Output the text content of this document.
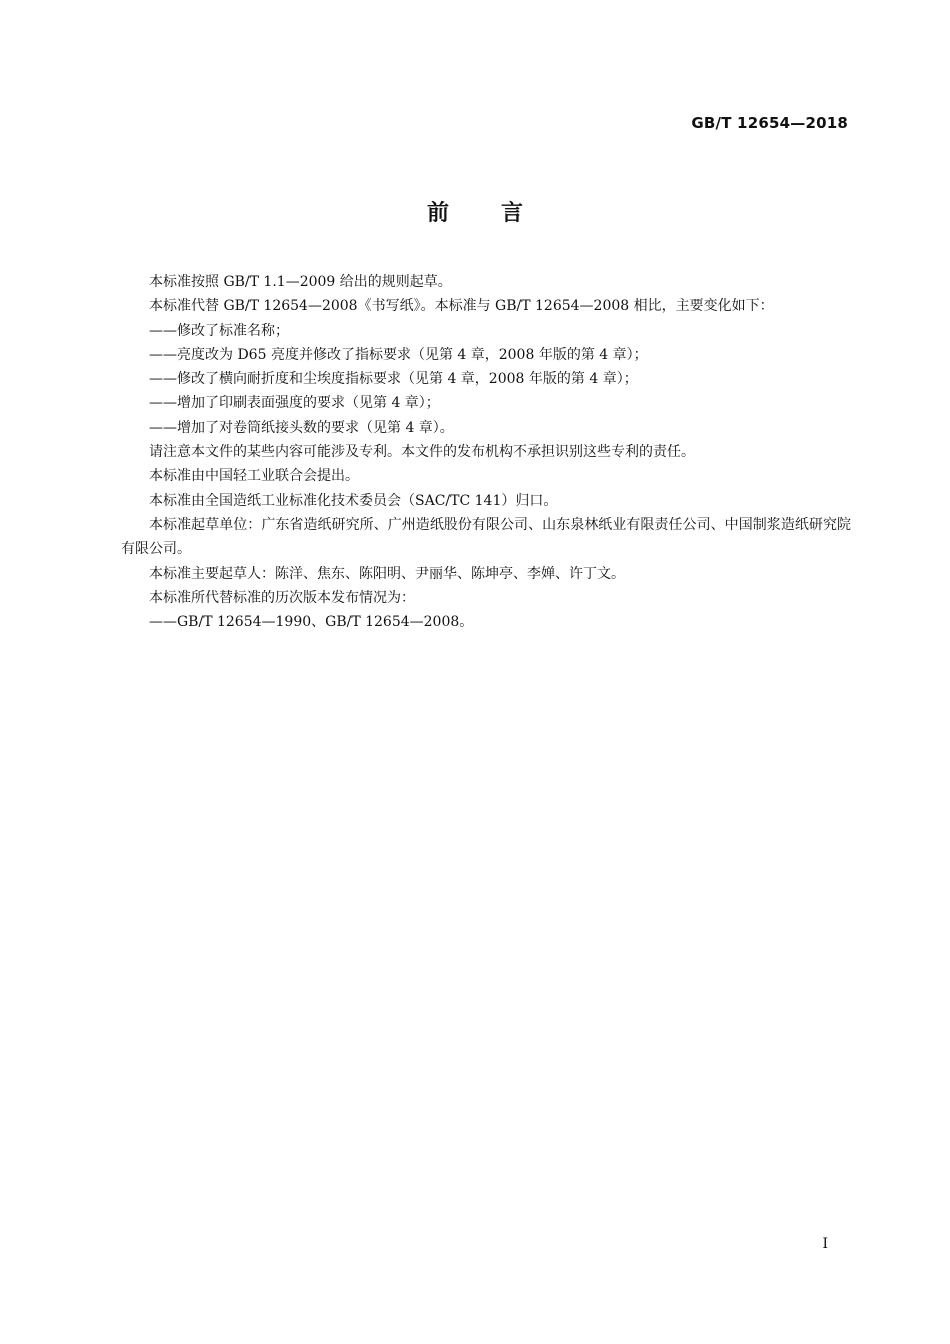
GB/T 12654—2018
前言

本标准按照 GB/T 1.1—2009 给出的规则起草。

本标准代替 GB/T 12654—2008《书写纸》。本标准与 GB/T 12654—2008 相比，主要变化如下：

——修改了标准名称；

——亮度改为 D65 亮度并修改了指标要求（见第 4 章，2008 年版的第 4 章）；

——修改了横向耐折度和尘埃度指标要求（见第 4 章，2008 年版的第 4 章）；

——增加了印刷表面强度的要求（见第 4 章）；

——增加了对卷筒纸接头数的要求（见第 4 章）。

请注意本文件的某些内容可能涉及专利。本文件的发布机构不承担识别这些专利的责任。

本标准由中国轻工业联合会提出。

本标准由全国造纸工业标准化技术委员会（SAC/TC 141）归口。

本标准起草单位：广东省造纸研究所、广州造纸股份有限公司、山东泉林纸业有限责任公司、中国制浆造纸研究院有限公司。

本标准主要起草人：陈洋、焦东、陈阳明、尹丽华、陈坤亭、李婵、许丁文。

本标准所代替标准的历次版本发布情况为：

——GB/T 12654—1990、GB/T 12654—2008。

I
